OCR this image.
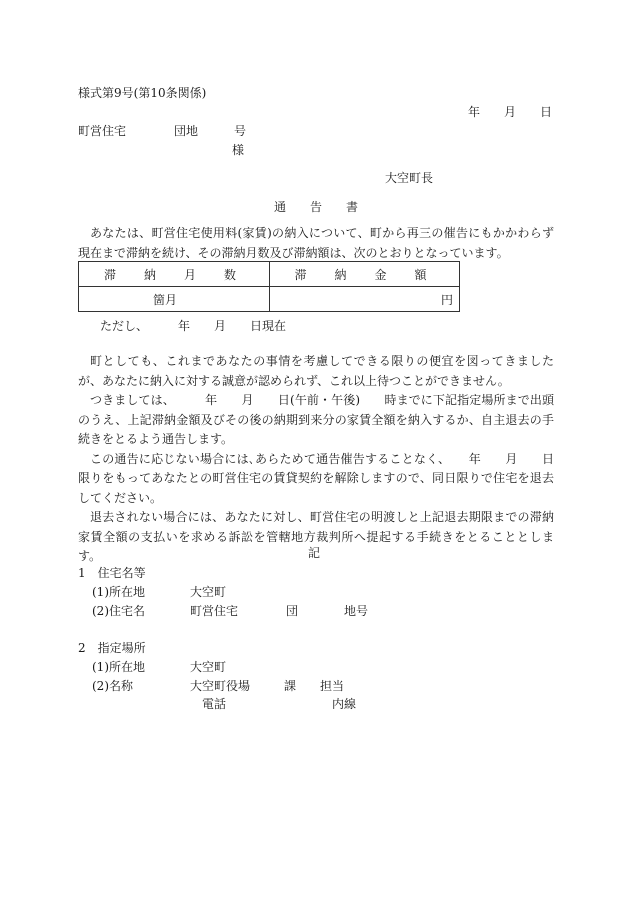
様式第9号(第10条関係)
年　　月　　日
町営住宅　　　　団地　　　号
様
大空町長
通　　告　　書

あなたは、町営住宅使用料(家賃)の納入について、町から再三の催告にもかかわらず現在まで滞納を続け、その滞納月数及び滞納額は、次のとおりとなっています。

滞　納　月　数	滞　納　金　額
箇月	円
ただし、　　　年　　月　　日現在

町としても、これまであなたの事情を考慮してできる限りの便宜を図ってきましたが、あなたに納入に対する誠意が認められず、これ以上待つことができません。

つきましては、　　　年　　月　　日(午前・午後)　　時までに下記指定場所まで出頭のうえ、上記滞納金額及びその後の納期到来分の家賃全額を納入するか、自主退去の手続きをとるよう通告します。

この通告に応じない場合には､あらためて通告催告することなく、　　年　　月　　日限りをもってあなたとの町営住宅の賃貸契約を解除しますので、同日限りで住宅を退去してください。

退去されない場合には、あなたに対し、町営住宅の明渡しと上記退去期限までの滞納家賃全額の支払いを求める訴訟を管轄地方裁判所へ提起する手続きをとることとします。	記
1　住宅名等
(1)所在地	大空町
(2)住宅名	町営住宅	団	地号
2　指定場所
(1)所在地	大空町
(2)名称	大空町役場	課 担当
電話	内線
